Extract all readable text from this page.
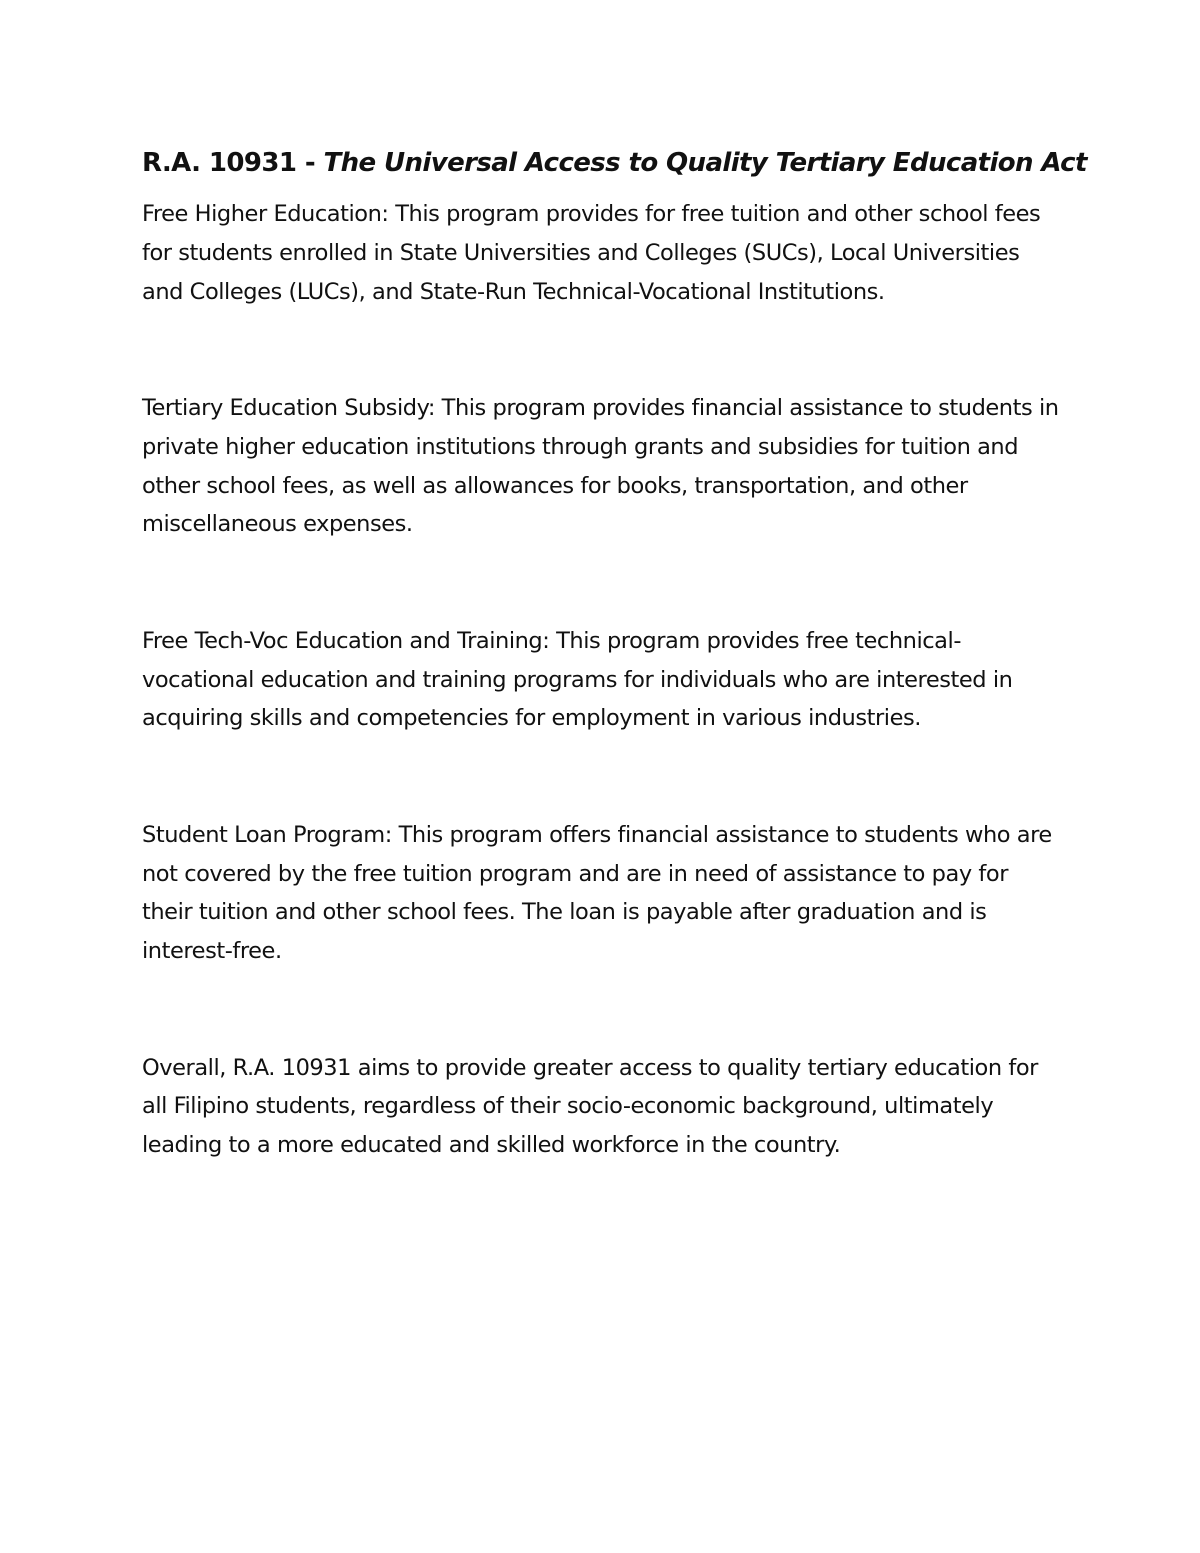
R.A. 10931 - The Universal Access to Quality Tertiary Education Act

Free Higher Education: This program provides for free tuition and other school fees for students enrolled in State Universities and Colleges (SUCs), Local Universities and Colleges (LUCs), and State-Run Technical-Vocational Institutions.

Tertiary Education Subsidy: This program provides financial assistance to students in private higher education institutions through grants and subsidies for tuition and other school fees, as well as allowances for books, transportation, and other miscellaneous expenses.

Free Tech-Voc Education and Training: This program provides free technical-vocational education and training programs for individuals who are interested in acquiring skills and competencies for employment in various industries.

Student Loan Program: This program offers financial assistance to students who are not covered by the free tuition program and are in need of assistance to pay for their tuition and other school fees. The loan is payable after graduation and is interest-free.

Overall, R.A. 10931 aims to provide greater access to quality tertiary education for all Filipino students, regardless of their socio-economic background, ultimately leading to a more educated and skilled workforce in the country.
